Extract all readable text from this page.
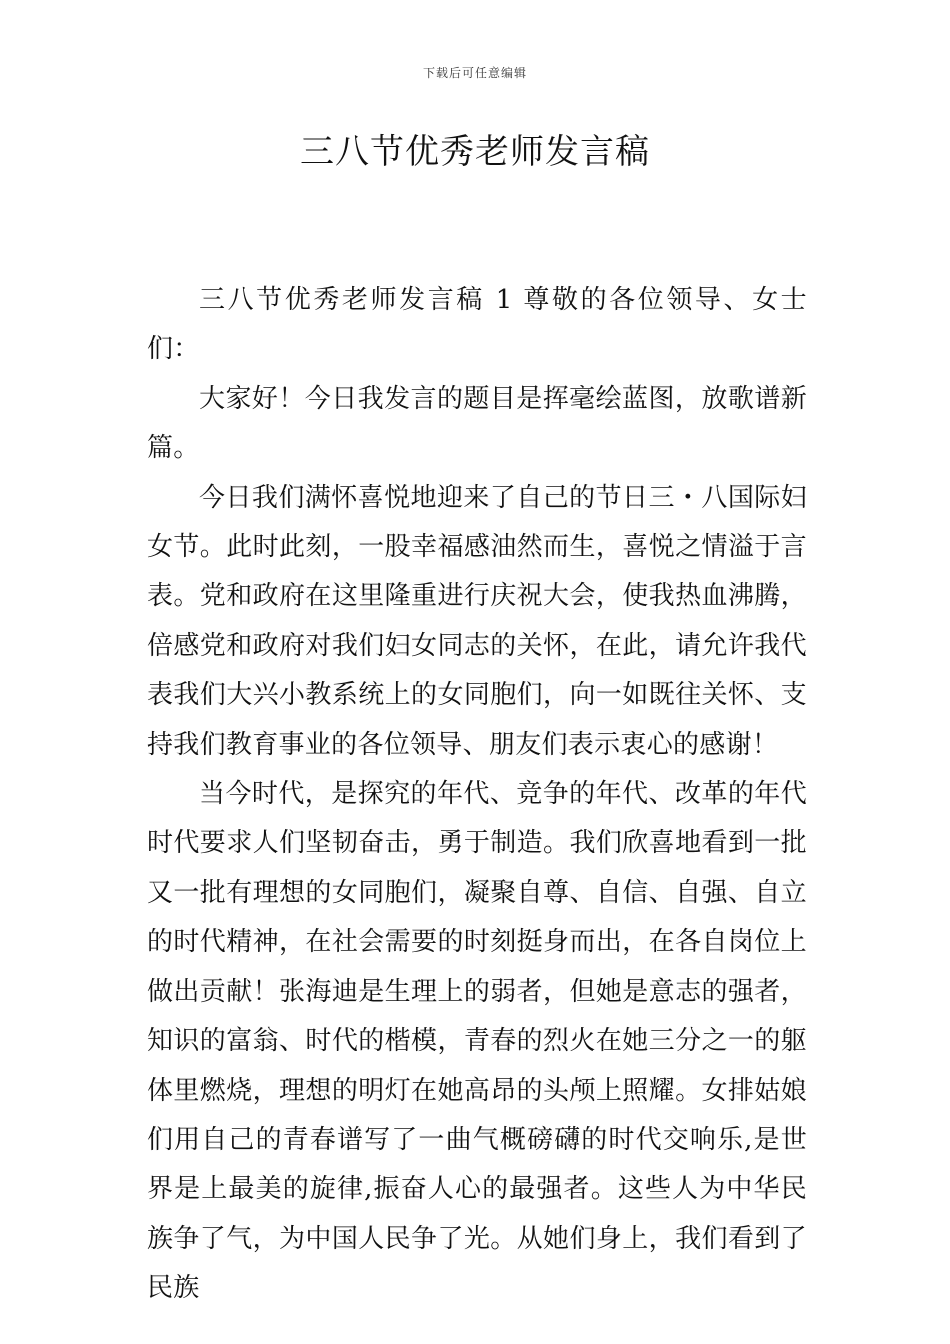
下载后可任意编辑
三八节优秀老师发言稿

三八节优秀老师发言稿 1 尊敬的各位领导、女士们：

大家好！今日我发言的题目是挥毫绘蓝图，放歌谱新篇。

今日我们满怀喜悦地迎来了自己的节日三・八国际妇女节。此时此刻，一股幸福感油然而生，喜悦之情溢于言表。党和政府在这里隆重进行庆祝大会，使我热血沸腾，倍感党和政府对我们妇女同志的关怀，在此，请允许我代表我们大兴小教系统上的女同胞们，向一如既往关怀、支持我们教育事业的各位领导、朋友们表示衷心的感谢！

当今时代，是探究的年代、竞争的年代、改革的年代时代要求人们坚韧奋击，勇于制造。我们欣喜地看到一批又一批有理想的女同胞们，凝聚自尊、自信、自强、自立的时代精神，在社会需要的时刻挺身而出，在各自岗位上做出贡献！张海迪是生理上的弱者，但她是意志的强者，知识的富翁、时代的楷模，青春的烈火在她三分之一的躯体里燃烧，理想的明灯在她高昂的头颅上照耀。女排姑娘们用自己的青春谱写了一曲气概磅礴的时代交响乐,是世界是上最美的旋律,振奋人心的最强者。这些人为中华民族争了气，为中国人民争了光。从她们身上，我们看到了民族
